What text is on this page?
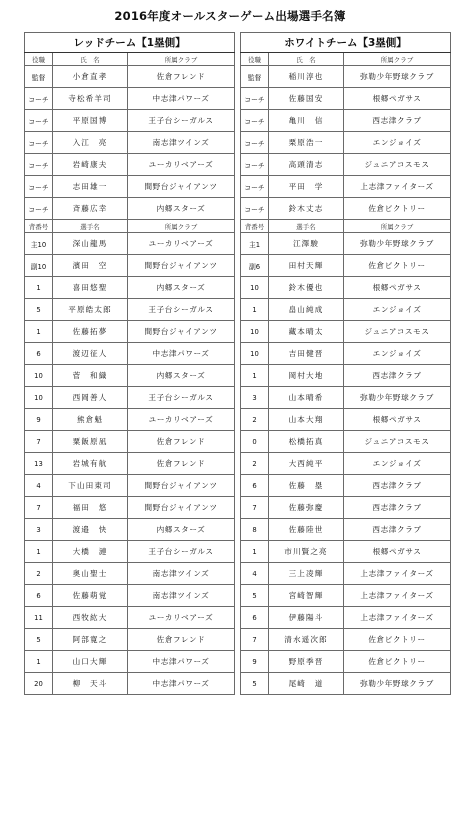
2016年度オールスターゲーム出場選手名簿
レッドチーム【1塁側】		
役職	氏　名	所属クラブ
監督	小倉直孝	佐倉フレンド
コーチ	寺松希羊司	中志津パワーズ
コーチ	平原国博	王子台シーガルス
コーチ	入江　亮	南志津ツインズ
コーチ	岩崎康夫	ユーカリベアーズ
コーチ	志田雄一	間野台ジャイアンツ
コーチ	斉藤広幸	内郷スターズ
背番号	選手名	所属クラブ
主10	深山龍馬	ユーカリベアーズ
副10	濱田　空	間野台ジャイアンツ
1	喜田悠聖	内郷スターズ
5	平原皓太郎	王子台シーガルス
1	佐藤拓夢	間野台ジャイアンツ
6	渡辺征人	中志津パワーズ
10	菅　和織	内郷スターズ
10	西岡善人	王子台シーガルス
9	熊倉魁	ユーカリベアーズ
7	粟飯原凪	佐倉フレンド
13	岩城有航	佐倉フレンド
4	下山田東司	間野台ジャイアンツ
7	福田　悠	間野台ジャイアンツ
3	渡邉　快	内郷スターズ
1	大橋　漣	王子台シーガルス
2	奥山聖士	南志津ツインズ
6	佐藤萌覚	南志津ツインズ
11	西牧紘大	ユーカリベアーズ
5	阿部寛之	佐倉フレンド
1	山口大輝	中志津パワーズ
20	柳　天斗	中志津パワーズ
ホワイトチーム【3塁側】		
役職	氏　名	所属クラブ
監督	稲川淳也	弥勒少年野球クラブ
コーチ	佐藤国安	根郷ペガサス
コーチ	亀川　信	西志津クラブ
コーチ	栗原浩一	エンジョイズ
コーチ	高頭清志	ジュニアコスモス
コーチ	平田　学	上志津ファイターズ
コーチ	鈴木丈志	佐倉ビクトリー
背番号	選手名	所属クラブ
主1	江澤駿	弥勒少年野球クラブ
副6	田村天輝	佐倉ビクトリー
10	鈴木優也	根郷ペガサス
1	畠山純成	エンジョイズ
10	藏本晴太	ジュニアコスモス
10	吉田健晋	エンジョイズ
1	岡村大地	西志津クラブ
3	山本晴希	弥勒少年野球クラブ
2	山本大翔	根郷ペガサス
0	松橋拓真	ジュニアコスモス
2	大西純平	エンジョイズ
6	佐藤　塁	西志津クラブ
7	佐藤弥慶	西志津クラブ
8	佐藤陸世	西志津クラブ
1	市川賢之亮	根郷ペガサス
4	三上凌輝	上志津ファイターズ
5	宮崎智輝	上志津ファイターズ
6	伊藤陽斗	上志津ファイターズ
7	清水遥次郎	佐倉ビクトリー
9	野原季晋	佐倉ビクトリー
5	尾崎　道	弥勒少年野球クラブ
